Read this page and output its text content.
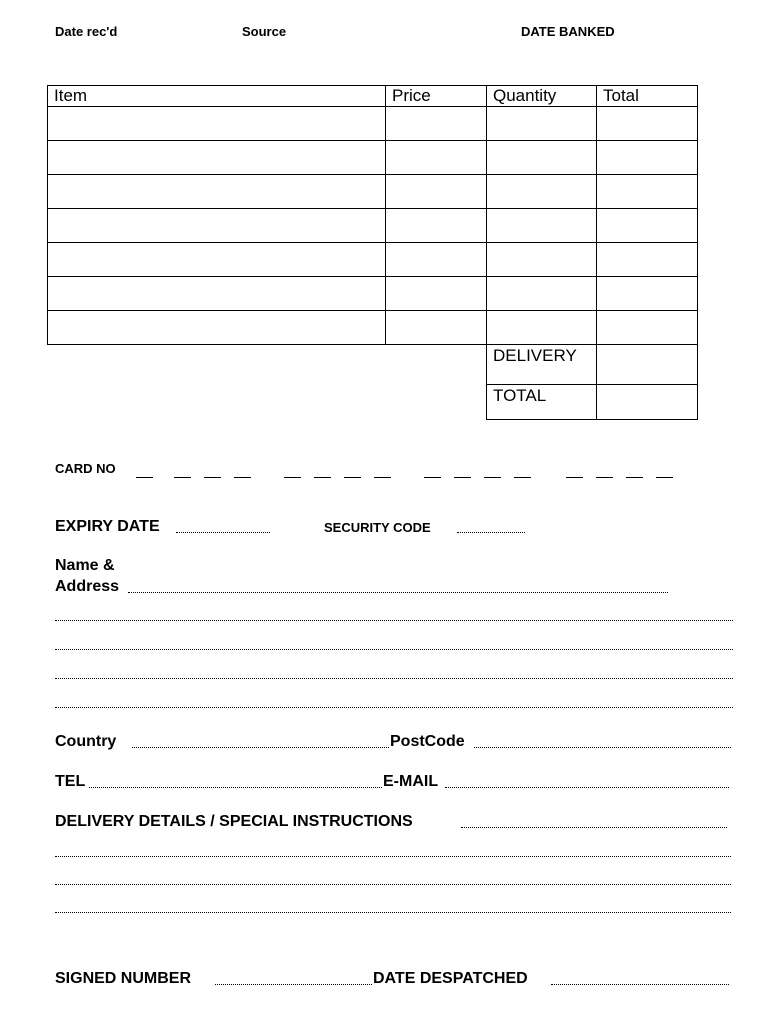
Date rec'd	Source	DATE BANKED
Item	Price	Quantity	Total

		DELIVERY	
		TOTAL	
CARD NO
EXPIRY DATE	SECURITY CODE
Name &
Address
Country	PostCode
TEL	E-MAIL
DELIVERY DETAILS / SPECIAL INSTRUCTIONS
SIGNED NUMBER	DATE DESPATCHED
